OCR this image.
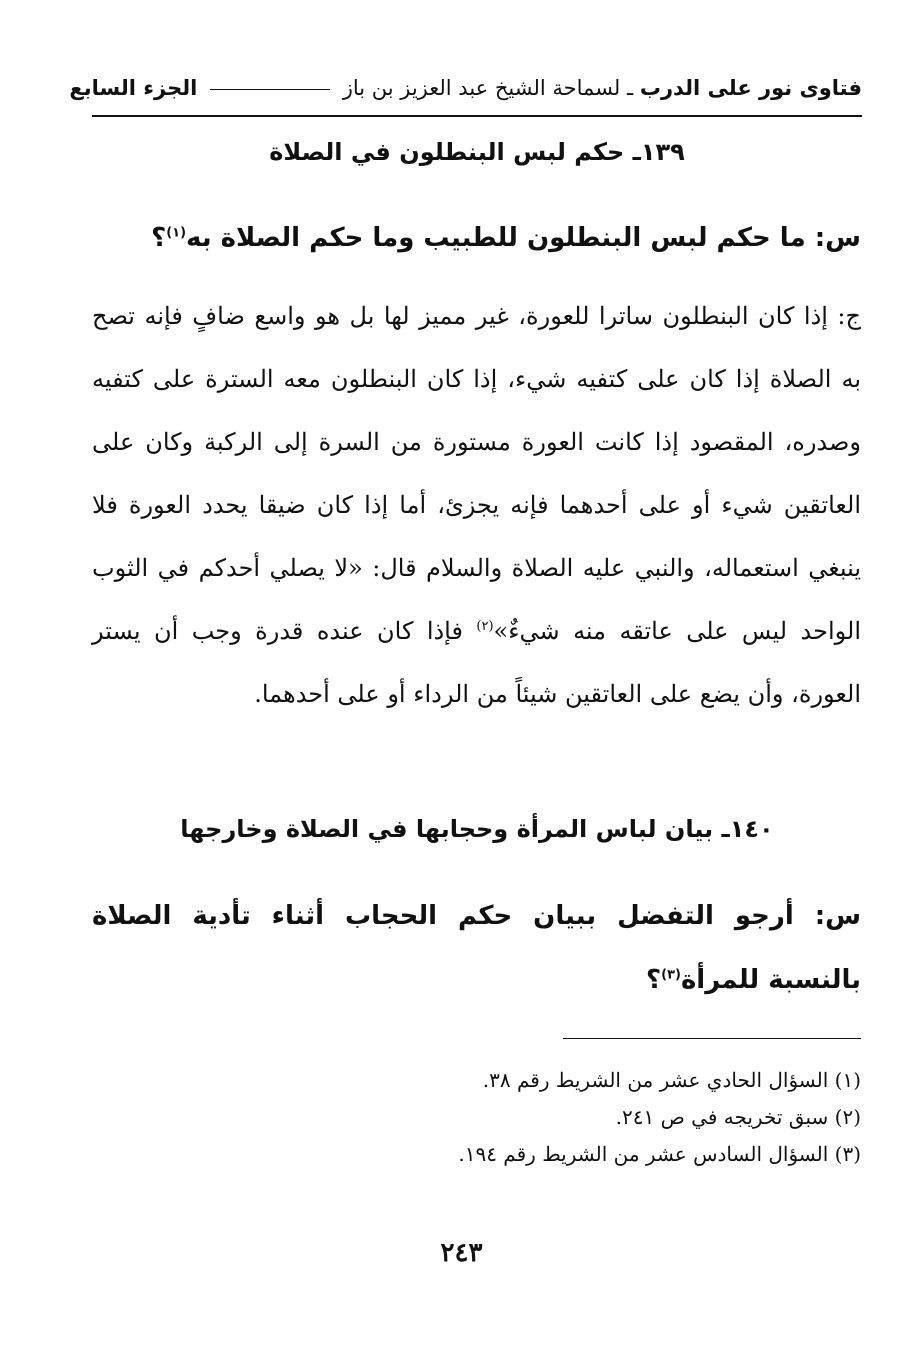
فتاوى نور على الدرب ـ لسماحة الشيخ عبد العزيز بن باز  الجزء السابع
١٣٩ـ حكم لبس البنطلون في الصلاة
س: ما حكم لبس البنطلون للطبيب وما حكم الصلاة به$^{(١)}$؟

ج: إذا كان البنطلون ساترا للعورة، غير مميز لها بل هو واسع ضافٍ فإنه تصح به الصلاة إذا كان على كتفيه شيء، إذا كان البنطلون معه السترة على كتفيه وصدره، المقصود إذا كانت العورة مستورة من السرة إلى الركبة وكان على العاتقين شيء أو على أحدهما فإنه يجزئ، أما إذا كان ضيقا يحدد العورة فلا ينبغي استعماله، والنبي عليه الصلاة والسلام قال: «لا يصلي أحدكم في الثوب الواحد ليس على عاتقه منه شيءٌ»$^{(٢)}$ فإذا كان عنده قدرة وجب أن يستر العورة، وأن يضع على العاتقين شيئاً من الرداء أو على أحدهما.

١٤٠ـ بيان لباس المرأة وحجابها في الصلاة وخارجها
س: أرجو التفضل ببيان حكم الحجاب أثناء تأدية الصلاة بالنسبة للمرأة$^{(٣)}$؟
(١) السؤال الحادي عشر من الشريط رقم ٣٨.
(٢) سبق تخريجه في ص ٢٤١.
(٣) السؤال السادس عشر من الشريط رقم ١٩٤.
٢٤٣
